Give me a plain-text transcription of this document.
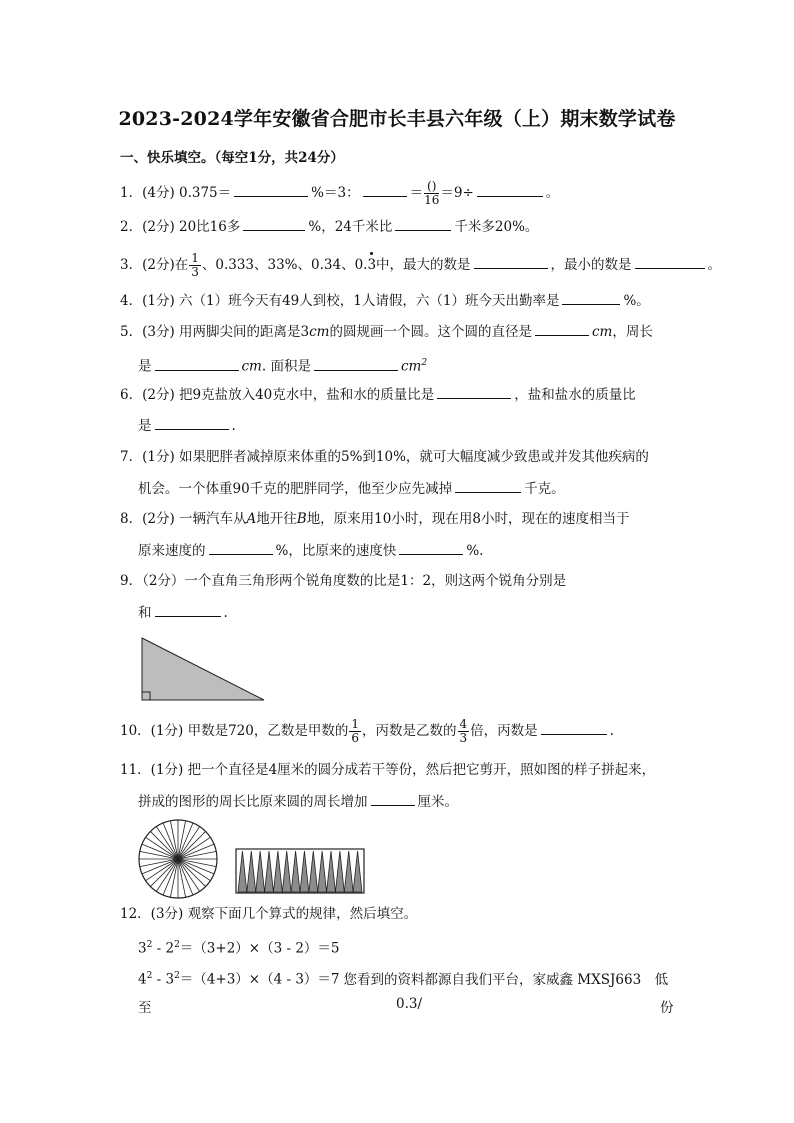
2023-2024学年安徽省合肥市长丰县六年级（上）期末数学试卷
一、快乐填空。（每空1分，共24分）
1．(4分) 0.375＝	%＝3：	＝ $\frac{()}{16} =9\div$	。
2．(2分) 20比16多	%，24千米比	千米多20%。
3．(2分)在 $\frac{1}{3}$ 、0.333、33%、0.34、0.3中，最大的数是	，最小的数是	。
4．(1分) 六（1）班今天有49人到校，1人请假，六（1）班今天出勤率是	%。
5．(3分) 用两脚尖间的距离是3cm的圆规画一个圆。这个圆的直径是	cm，周长
是	cm. 面积是	$cm^2$
6．(2分) 把9克盐放入40克水中，盐和水的质量比是	，盐和盐水的质量比
是	.
7．(1分) 如果肥胖者减掉原来体重的5%到10%，就可大幅度减少致患或并发其他疾病的
机会。一个体重90千克的肥胖同学，他至少应先减掉	千克。
8．(2分) 一辆汽车从A地开往B地，原来用10小时，现在用8小时，现在的速度相当于
原来速度的	%，比原来的速度快	%.
9．（2分）一个直角三角形两个锐角度数的比是1：2，则这两个锐角分别是
和	.
10．(1分) 甲数是720，乙数是甲数的 $\frac{1}{6}$ ，丙数是乙数的 $\frac{4}{3}$ 倍，丙数是	.
11．(1分) 把一个直径是4厘米的圆分成若干等份，然后把它剪开，照如图的样子拼起来，
拼成的图形的周长比原来圆的周长增加	厘米。
12．(3分) 观察下面几个算式的规律，然后填空。
$3^2 - 2^2=(3+2)\times(3 - 2)=5$
$4^2 - 3^2=(4+3)\times(4 - 3)=7$ 您看到的资料都源自我们平台，家威鑫 MXSJ663　低
至	0.3/	份
